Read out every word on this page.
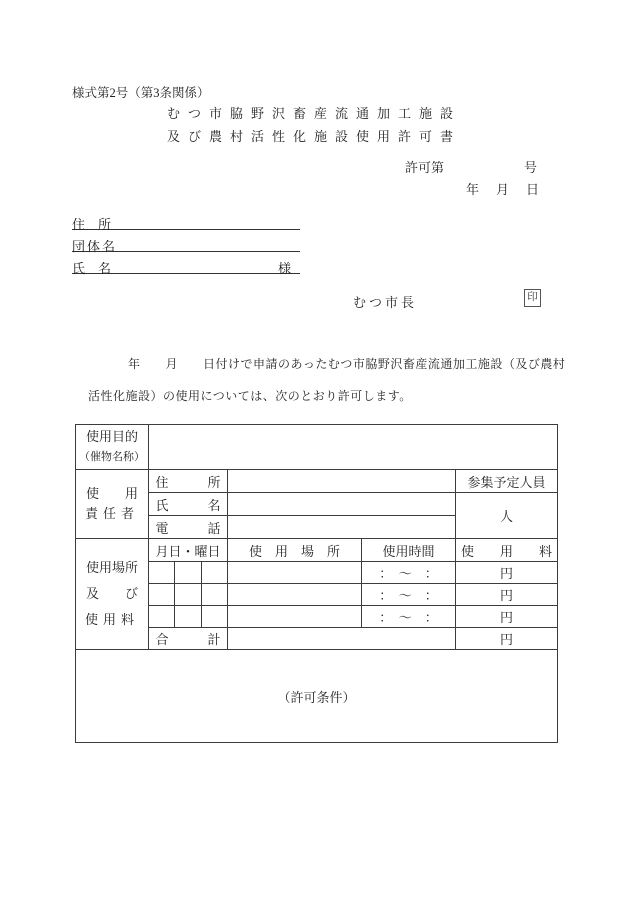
様式第2号（第3条関係）
むつ市脇野沢畜産流通加工施設
及び農村活性化施設使用許可書
許可第	号
年 月 日
住　所
団体名
氏　名	様
むつ市長	印
年　　月　　日付けで申請のあったむつ市脇野沢畜産流通加工施設（及び農村
活性化施設）の使用については、次のとおり許可します。
使用目的
（催物名称）						

使　　用
責任者	住　　　所					参集予定人員
	氏　　　名					人
	電　　　話					

使用場所
及　　び
使用料	月日・曜日			使　用　場　所	使用時間	使　　用　　料
					：　～　：	円
					：　～　：	円
					：　～　：	円
	合　　　計					円
（許可条件）						
